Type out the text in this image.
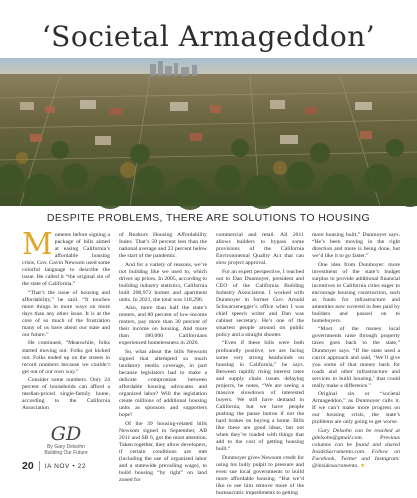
‘Societal Armageddon’
DESPITE PROBLEMS, THERE ARE SOLUTIONS TO HOUSING

Moments before signing a package of bills aimed at easing California’s affordable housing crisis, Gov. Gavin Newsom used some colorful language to describe the issue. He called it “the original sin of the state of California.”

“That’s the issue of housing and affordability,” he said. “It touches more things in more ways on more days than any other issue. It is at the core of so much of the frustration many of us have about our state and our future.”

He continued, “Meanwhile, folks started moving out. Folks got kicked out. Folks ended up on the streets in record numbers because we couldn’t get out of our own way.”

Consider some numbers. Only 24 percent of households can afford a median-priced single-family home, according to the California Association

GD
By Gary Delsohn
Building Our Future

of Realtors Housing Affordability Index. That’s 50 percent less than the national average and 23 percent below the start of the pandemic.

And for a variety of reasons, we’re not building like we used to, which drives up prices. In 2005, according to building industry statistics, California built 208,972 homes and apartment units. In 2021, the total was 118,296.

Also, more than half the state’s renters, and 80 percent of low-income renters, pay more than 30 percent of their income on housing. And more than 180,000 Californians experienced homelessness in 2020.

So, what about the bills Newsom signed that attempted so much laudatory media coverage, in part because legislators had to make a delicate compromise between affordable housing advocates and organized labor? Will the legislation create millions of additional housing units as sponsors and supporters hope?

Of the 39 housing-related bills Newsom signed in September, AB 2011 and SB 6, got the most attention. Taken together, they allow developers, if certain conditions are met (including the use of organized labor and a statewide prevailing wage), to build housing “by right” on land zoned for

commercial and retail. All 2011 allows builders to bypass some provisions of the California Environmental Quality Act that can slow project approval.

For an expert perspective, I reached out to Dan Dunmoyer, president and CEO of the California Building Industry Association. I worked with Dunmoyer in former Gov. Arnold Schwarzenegger’s office when I was chief speech writer and Dan was cabinet secretary. He’s one of the smartest people around on public policy and a straight shooter.

“Even if these bills were both profoundly positive, we are facing some very strong headwinds on housing in California,” he says. Between rapidly rising interest rates and supply chain issues delaying projects, he notes, “We are seeing a massive slowdown of interested buyers. We still have demand in California, but we have people pushing the pause button if not the hard brakes on buying a home. Bills like these are good ideas, but not when they’re loaded with things that add to the cost of getting housing built.”

Dunmoyer gives Newsom credit for using his bully pulpit to pressure and even sue local governments to build more affordable housing. “But we’d like to see him remove more of the bureaucratic impediments to getting

more housing built,” Dunmoyer says. “He’s been moving in the right direction and more is being done, but we’d like it to go faster.”

One idea from Dunmoyer: more investment of the state’s budget surplus to provide additional financial incentives to California cities eager to encourage housing construction, such as funds for infrastructure and amenities now covered in fees paid by builders and passed on to homebuyers.

“Most of the money local governments raise through property taxes goes back to the state,” Dunmoyer says. “If the state used a carrot approach and said, ‘We’ll give you some of that money back for roads and other infrastructure and services to build housing,’ that could really make a difference.”

Original sin or “societal Armageddon,” as Dunmoyer calls it. If we can’t make more progress on our housing crisis, the state’s problems are only going to get worse.

Gary Delsohn can be reached at gdelsohn@gmail.com. Previous columns can be found and shared InsideSacramento.com. Follow on Facebook, Twitter and Instagram: @insidesacramento. ★

20 IA NOV • 22
